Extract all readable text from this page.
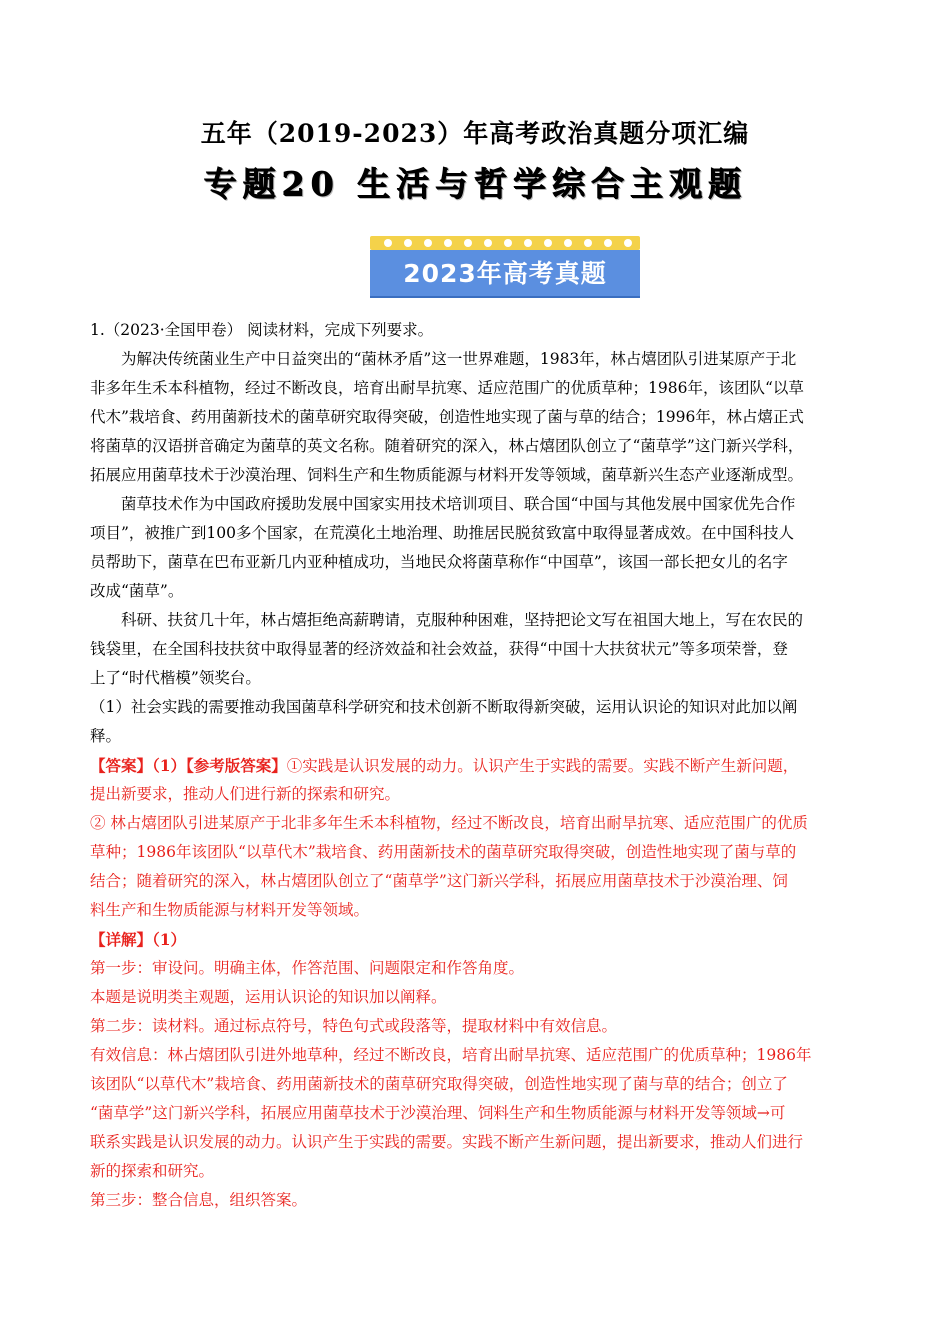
五年（2019-2023）年高考政治真题分项汇编
专题20 生活与哲学综合主观题
2023年高考真题
1.（2023·全国甲卷） 阅读材料，完成下列要求。
为解决传统菌业生产中日益突出的“菌林矛盾”这一世界难题，1983年，林占熺团队引进某原产于北
非多年生禾本科植物，经过不断改良，培育出耐旱抗寒、适应范围广的优质草种；1986年，该团队“以草
代木”栽培食、药用菌新技术的菌草研究取得突破，创造性地实现了菌与草的结合；1996年，林占熺正式
将菌草的汉语拼音确定为菌草的英文名称。随着研究的深入，林占熺团队创立了“菌草学”这门新兴学科，
拓展应用菌草技术于沙漠治理、饲料生产和生物质能源与材料开发等领域，菌草新兴生态产业逐渐成型。
菌草技术作为中国政府援助发展中国家实用技术培训项目、联合国“中国与其他发展中国家优先合作
项目”，被推广到100多个国家，在荒漠化土地治理、助推居民脱贫致富中取得显著成效。在中国科技人
员帮助下，菌草在巴布亚新几内亚种植成功，当地民众将菌草称作“中国草”，该国一部长把女儿的名字
改成“菌草”。
科研、扶贫几十年，林占熺拒绝高薪聘请，克服种种困难，坚持把论文写在祖国大地上，写在农民的
钱袋里，在全国科技扶贫中取得显著的经济效益和社会效益，获得“中国十大扶贫状元”等多项荣誉，登
上了“时代楷模”领奖台。
（1）社会实践的需要推动我国菌草科学研究和技术创新不断取得新突破，运用认识论的知识对此加以阐
释。
【答案】（1）【参考版答案】①实践是认识发展的动力。认识产生于实践的需要。实践不断产生新问题，
提出新要求，推动人们进行新的探索和研究。
② 林占熺团队引进某原产于北非多年生禾本科植物，经过不断改良，培育出耐旱抗寒、适应范围广的优质
草种；1986年该团队“以草代木”栽培食、药用菌新技术的菌草研究取得突破，创造性地实现了菌与草的
结合；随着研究的深入，林占熺团队创立了“菌草学”这门新兴学科，拓展应用菌草技术于沙漠治理、饲
料生产和生物质能源与材料开发等领域。
【详解】（1）
第一步：审设问。明确主体，作答范围、问题限定和作答角度。
本题是说明类主观题，运用认识论的知识加以阐释。
第二步：读材料。通过标点符号，特色句式或段落等，提取材料中有效信息。
有效信息：林占熺团队引进外地草种，经过不断改良，培育出耐旱抗寒、适应范围广的优质草种；1986年
该团队“以草代木”栽培食、药用菌新技术的菌草研究取得突破，创造性地实现了菌与草的结合；创立了
“菌草学”这门新兴学科，拓展应用菌草技术于沙漠治理、饲料生产和生物质能源与材料开发等领域→可
联系实践是认识发展的动力。认识产生于实践的需要。实践不断产生新问题，提出新要求，推动人们进行
新的探索和研究。
第三步：整合信息，组织答案。
